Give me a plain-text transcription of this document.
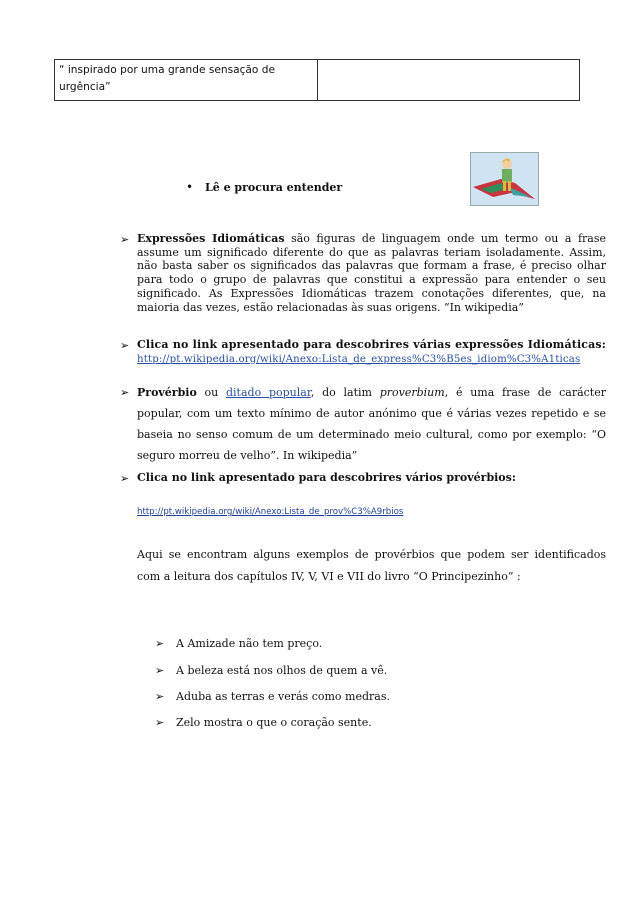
“ inspirado por uma grande sensação de urgência”
• Lê e procura entender
➢ Expressões Idiomáticas são figuras de linguagem onde um termo ou a frase assume um significado diferente do que as palavras teriam isoladamente. Assim, não basta saber os significados das palavras que formam a frase, é preciso olhar para todo o grupo de palavras que constitui a expressão para entender o seu significado. As Expressões Idiomáticas trazem conotações diferentes, que, na maioria das vezes, estão relacionadas às suas origens. “In wikipedia”
➢ Clica no link apresentado para descobrires várias expressões Idiomáticas: http://pt.wikipedia.org/wiki/Anexo:Lista_de_express%C3%B5es_idiom%C3%A1ticas
➢ Provérbio ou ditado popular, do latim proverbium, é uma frase de carácter popular, com um texto mínimo de autor anónimo que é várias vezes repetido e se baseia no senso comum de um determinado meio cultural, como por exemplo: “O seguro morreu de velho”. In wikipedia”
➢ Clica no link apresentado para descobrires vários provérbios:
http://pt.wikipedia.org/wiki/Anexo:Lista_de_prov%C3%A9rbios
Aqui se encontram alguns exemplos de provérbios que podem ser identificados com a leitura dos capítulos IV, V, VI e VII do livro “O Principezinho” :
➢ A Amizade não tem preço.
➢ A beleza está nos olhos de quem a vê.
➢ Aduba as terras e verás como medras.
➢ Zelo mostra o que o coração sente.
